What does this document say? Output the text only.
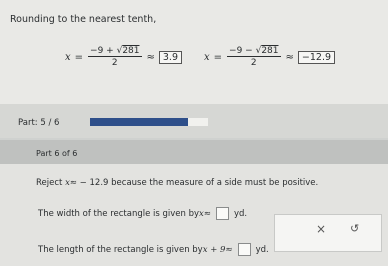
Rounding to the nearest tenth,
$x = \frac{-9 + √281}{2} \approx 3.9$	$x = \frac{-9 - √281}{2} \approx -12.9$
Part: 5 / 6
Part 6 of 6
Reject x≈ − 12.9 because the measure of a side must be positive.
The width of the rectangle is given by x ≈	yd.
The length of the rectangle is given by x + 9 ≈	yd.
× ↺
